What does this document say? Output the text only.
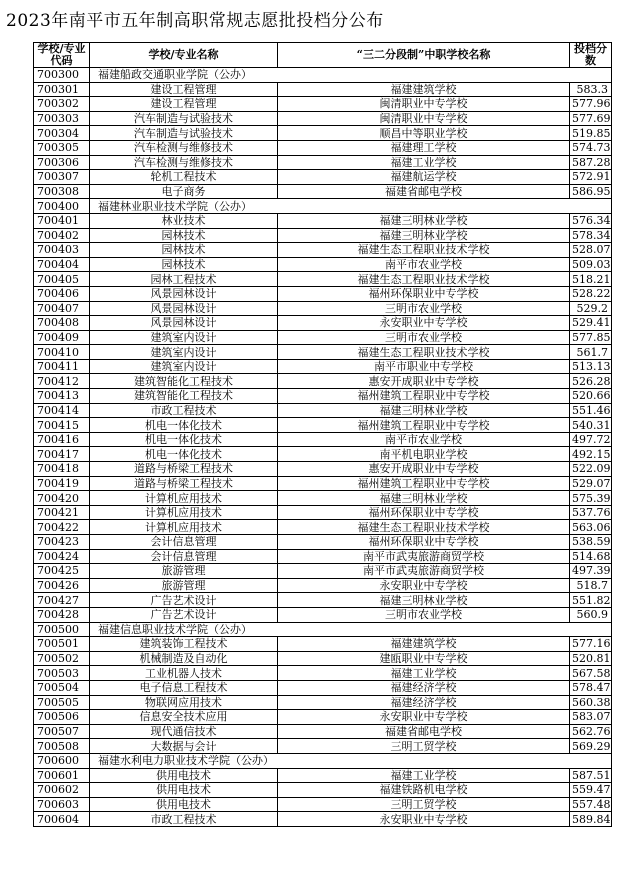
2023年南平市五年制高职常规志愿批投档分公布
学校/专业代码	学校/专业名称	“三二分段制”中职学校名称	投档分数
700300	福建船政交通职业学院（公办）		
700301	建设工程管理	福建建筑学校	583.3
700302	建设工程管理	闽清职业中专学校	577.96
700303	汽车制造与试验技术	闽清职业中专学校	577.69
700304	汽车制造与试验技术	顺昌中等职业学校	519.85
700305	汽车检测与维修技术	福建理工学校	574.73
700306	汽车检测与维修技术	福建工业学校	587.28
700307	轮机工程技术	福建航运学校	572.91
700308	电子商务	福建省邮电学校	586.95
700400	福建林业职业技术学院（公办）		
700401	林业技术	福建三明林业学校	576.34
700402	园林技术	福建三明林业学校	578.34
700403	园林技术	福建生态工程职业技术学校	528.07
700404	园林技术	南平市农业学校	509.03
700405	园林工程技术	福建生态工程职业技术学校	518.21
700406	风景园林设计	福州环保职业中专学校	528.22
700407	风景园林设计	三明市农业学校	529.2
700408	风景园林设计	永安职业中专学校	529.41
700409	建筑室内设计	三明市农业学校	577.85
700410	建筑室内设计	福建生态工程职业技术学校	561.7
700411	建筑室内设计	南平市职业中专学校	513.13
700412	建筑智能化工程技术	惠安开成职业中专学校	526.28
700413	建筑智能化工程技术	福州建筑工程职业中专学校	520.66
700414	市政工程技术	福建三明林业学校	551.46
700415	机电一体化技术	福州建筑工程职业中专学校	540.31
700416	机电一体化技术	南平市农业学校	497.72
700417	机电一体化技术	南平机电职业学校	492.15
700418	道路与桥梁工程技术	惠安开成职业中专学校	522.09
700419	道路与桥梁工程技术	福州建筑工程职业中专学校	529.07
700420	计算机应用技术	福建三明林业学校	575.39
700421	计算机应用技术	福州环保职业中专学校	537.76
700422	计算机应用技术	福建生态工程职业技术学校	563.06
700423	会计信息管理	福州环保职业中专学校	538.59
700424	会计信息管理	南平市武夷旅游商贸学校	514.68
700425	旅游管理	南平市武夷旅游商贸学校	497.39
700426	旅游管理	永安职业中专学校	518.7
700427	广告艺术设计	福建三明林业学校	551.82
700428	广告艺术设计	三明市农业学校	560.9
700500	福建信息职业技术学院（公办）		
700501	建筑装饰工程技术	福建建筑学校	577.16
700502	机械制造及自动化	建瓯职业中专学校	520.81
700503	工业机器人技术	福建工业学校	567.58
700504	电子信息工程技术	福建经济学校	578.47
700505	物联网应用技术	福建经济学校	560.38
700506	信息安全技术应用	永安职业中专学校	583.07
700507	现代通信技术	福建省邮电学校	562.76
700508	大数据与会计	三明工贸学校	569.29
700600	福建水利电力职业技术学院（公办）		
700601	供用电技术	福建工业学校	587.51
700602	供用电技术	福建铁路机电学校	559.47
700603	供用电技术	三明工贸学校	557.48
700604	市政工程技术	永安职业中专学校	589.84
